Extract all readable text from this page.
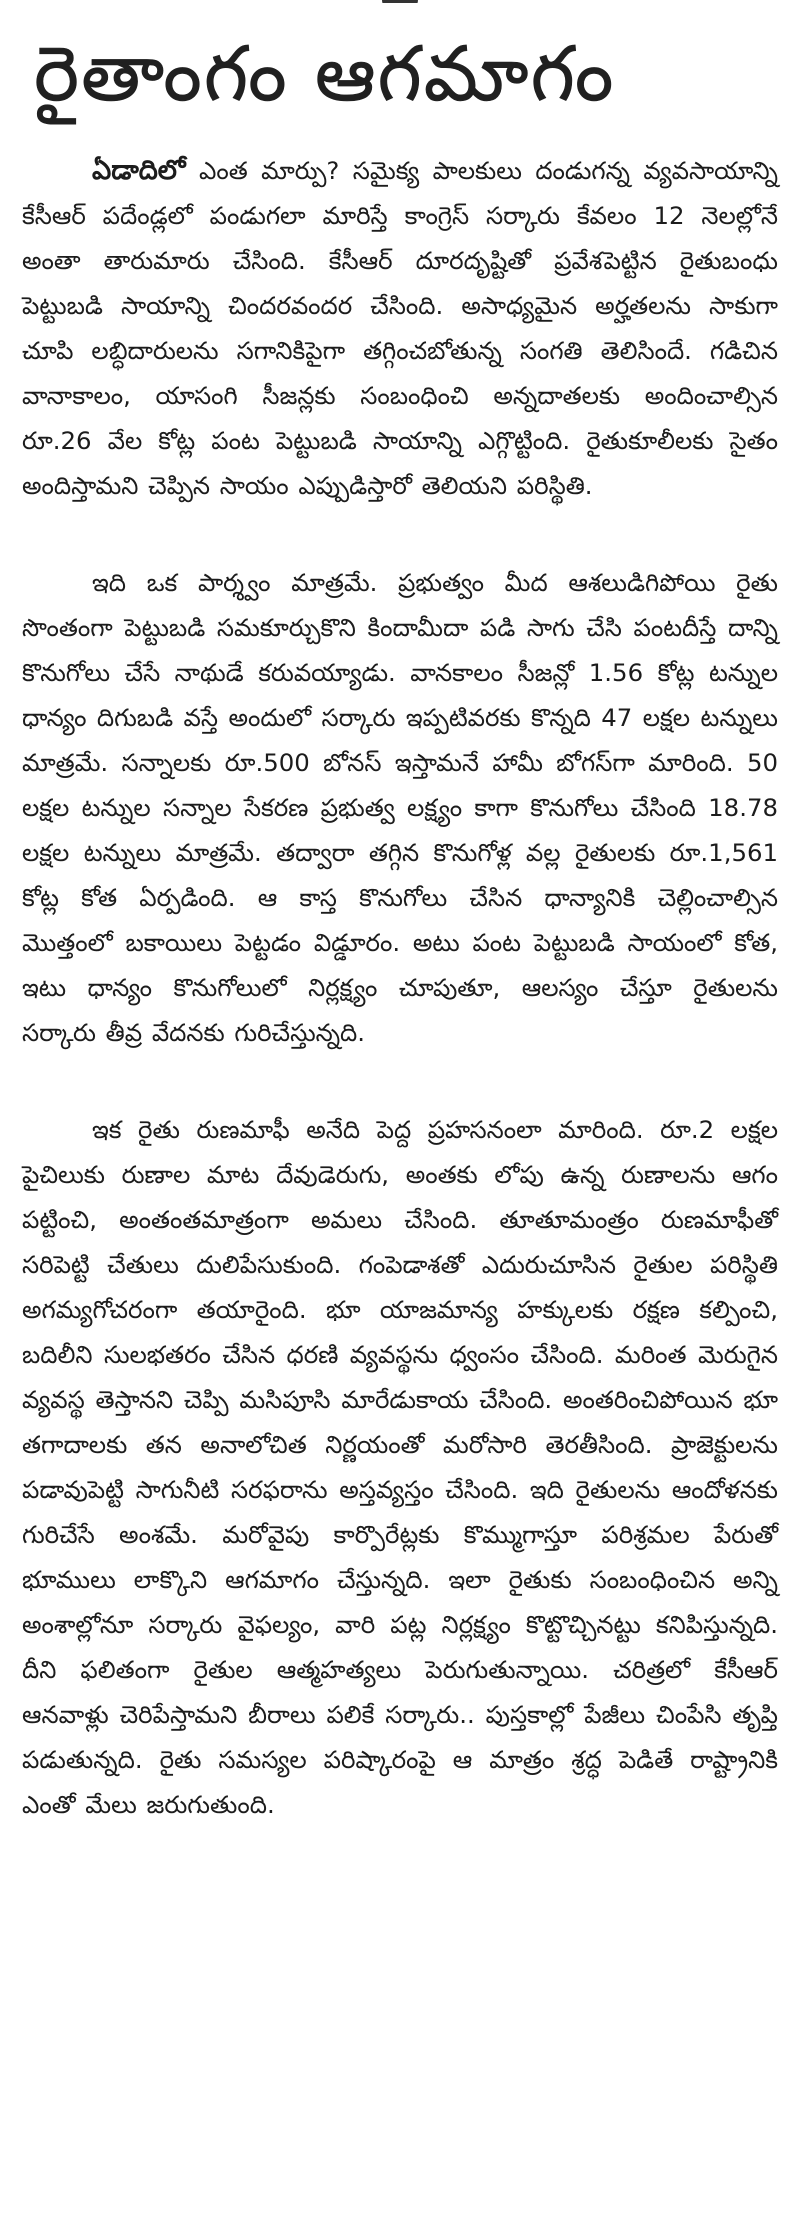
రైతాంగం ఆగమాగం

ఏడాదిలో ఎంత మార్పు? సమైక్య పాలకులు దండుగన్న వ్యవసాయాన్ని కేసీఆర్ పదేండ్లలో పండుగలా మారిస్తే కాంగ్రెస్ సర్కారు కేవలం 12 నెలల్లోనే అంతా తారుమారు చేసింది. కేసీఆర్ దూరదృష్టితో ప్రవేశపెట్టిన రైతుబంధు పెట్టుబడి సాయాన్ని చిందరవందర చేసింది. అసాధ్యమైన అర్హతలను సాకుగా చూపి లబ్ధిదారులను సగానికిపైగా తగ్గించబోతున్న సంగతి తెలిసిందే. గడిచిన వానాకాలం, యాసంగి సీజన్లకు సంబంధించి అన్నదాతలకు అందించాల్సిన రూ.26 వేల కోట్ల పంట పెట్టుబడి సాయాన్ని ఎగ్గొట్టింది. రైతుకూలీలకు సైతం అందిస్తామని చెప్పిన సాయం ఎప్పుడిస్తారో తెలియని పరిస్థితి.

ఇది ఒక పార్శ్వం మాత్రమే. ప్రభుత్వం మీద ఆశలుడిగిపోయి రైతు సొంతంగా పెట్టుబడి సమకూర్చుకొని కిందామీదా పడి సాగు చేసి పంటదీస్తే దాన్ని కొనుగోలు చేసే నాథుడే కరువయ్యాడు. వానకాలం సీజన్లో 1.56 కోట్ల టన్నుల ధాన్యం దిగుబడి వస్తే అందులో సర్కారు ఇప్పటివరకు కొన్నది 47 లక్షల టన్నులు మాత్రమే. సన్నాలకు రూ.500 బోనస్ ఇస్తామనే హామీ బోగస్‌గా మారింది. 50 లక్షల టన్నుల సన్నాల సేకరణ ప్రభుత్వ లక్ష్యం కాగా కొనుగోలు చేసింది 18.78 లక్షల టన్నులు మాత్రమే. తద్వారా తగ్గిన కొనుగోళ్ల వల్ల రైతులకు రూ.1,561 కోట్ల కోత ఏర్పడింది. ఆ కాస్త కొనుగోలు చేసిన ధాన్యానికి చెల్లించాల్సిన మొత్తంలో బకాయిలు పెట్టడం విడ్డూరం. అటు పంట పెట్టుబడి సాయంలో కోత, ఇటు ధాన్యం కొనుగోలులో నిర్లక్ష్యం చూపుతూ, ఆలస్యం చేస్తూ రైతులను సర్కారు తీవ్ర వేదనకు గురిచేస్తున్నది.

ఇక రైతు రుణమాఫీ అనేది పెద్ద ప్రహసనంలా మారింది. రూ.2 లక్షల పైచిలుకు రుణాల మాట దేవుడెరుగు, అంతకు లోపు ఉన్న రుణాలను ఆగం పట్టించి, అంతంతమాత్రంగా అమలు చేసింది. తూతూమంత్రం రుణమాఫీతో సరిపెట్టి చేతులు దులిపేసుకుంది. గంపెడాశతో ఎదురుచూసిన రైతుల పరిస్థితి అగమ్యగోచరంగా తయారైంది. భూ యాజమాన్య హక్కులకు రక్షణ కల్పించి, బదిలీని సులభతరం చేసిన ధరణి వ్యవస్థను ధ్వంసం చేసింది. మరింత మెరుగైన వ్యవస్థ తెస్తానని చెప్పి మసిపూసి మారేడుకాయ చేసింది. అంతరించిపోయిన భూ తగాదాలకు తన అనాలోచిత నిర్ణయంతో మరోసారి తెరతీసింది. ప్రాజెక్టులను పడావుపెట్టి సాగునీటి సరఫరాను అస్తవ్యస్తం చేసింది. ఇది రైతులను ఆందోళనకు గురిచేసే అంశమే. మరోవైపు కార్పొరేట్లకు కొమ్ముగాస్తూ పరిశ్రమల పేరుతో భూములు లాక్కొని ఆగమాగం చేస్తున్నది. ఇలా రైతుకు సంబంధించిన అన్ని అంశాల్లోనూ సర్కారు వైఫల్యం, వారి పట్ల నిర్లక్ష్యం కొట్టొచ్చినట్టు కనిపిస్తున్నది. దీని ఫలితంగా రైతుల ఆత్మహత్యలు పెరుగుతున్నాయి. చరిత్రలో కేసీఆర్ ఆనవాళ్లు చెరిపేస్తామని బీరాలు పలికే సర్కారు.. పుస్తకాల్లో పేజీలు చింపేసి తృప్తి పడుతున్నది. రైతు సమస్యల పరిష్కారంపై ఆ మాత్రం శ్రద్ధ పెడితే రాష్ట్రానికి ఎంతో మేలు జరుగుతుంది.
